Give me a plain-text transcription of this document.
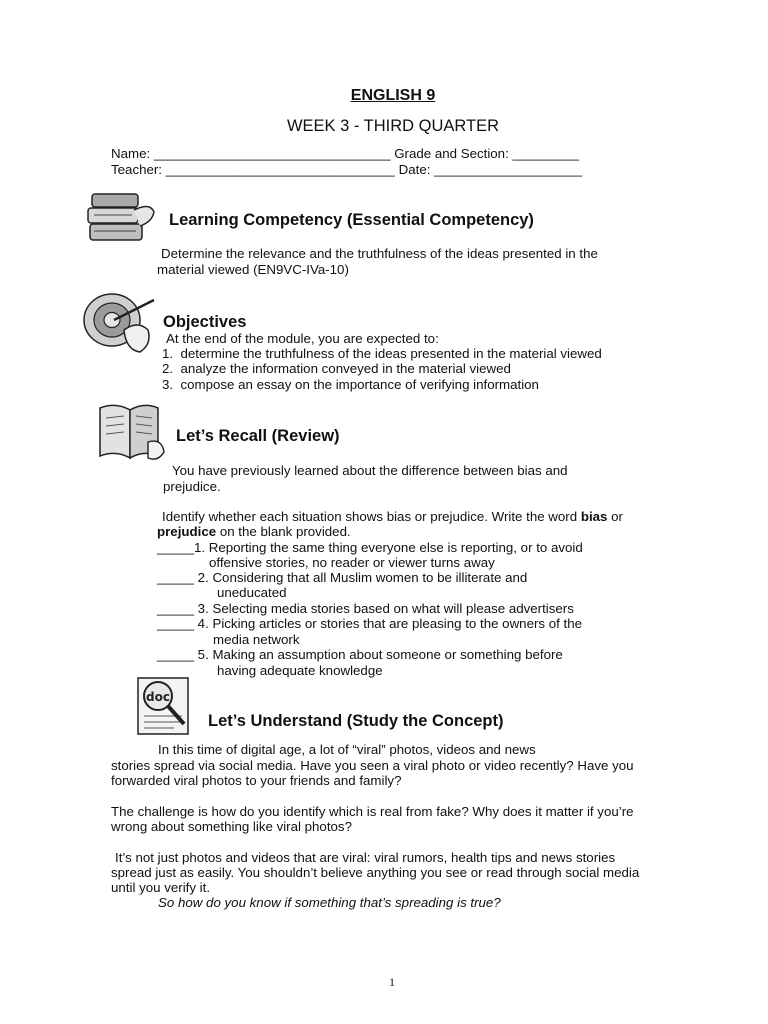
ENGLISH 9
WEEK 3 - THIRD QUARTER
Name: ________________________________ Grade and Section: _________
Teacher: _______________________________ Date: ____________________
Learning Competency (Essential Competency)
Determine the relevance and the truthfulness of the ideas presented in the
material viewed (EN9VC-IVa-10)
Objectives
At the end of the module, you are expected to:
1. determine the truthfulness of the ideas presented in the material viewed
2. analyze the information conveyed in the material viewed
3. compose an essay on the importance of verifying information
Let’s Recall (Review)
You have previously learned about the difference between bias and
prejudice.
Identify whether each situation shows bias or prejudice. Write the word bias or
prejudice on the blank provided.
_____1. Reporting the same thing everyone else is reporting, or to avoid
offensive stories, no reader or viewer turns away
_____ 2. Considering that all Muslim women to be illiterate and
uneducated
_____ 3. Selecting media stories based on what will please advertisers
_____ 4. Picking articles or stories that are pleasing to the owners of the
media network
_____ 5. Making an assumption about someone or something before
having adequate knowledge
doc
Let’s Understand (Study the Concept)
In this time of digital age, a lot of “viral” photos, videos and news
stories spread via social media. Have you seen a viral photo or video recently? Have you
forwarded viral photos to your friends and family?
The challenge is how do you identify which is real from fake? Why does it matter if you’re
wrong about something like viral photos?
It’s not just photos and videos that are viral: viral rumors, health tips and news stories
spread just as easily. You shouldn’t believe anything you see or read through social media
until you verify it.
So how do you know if something that’s spreading is true?
1
